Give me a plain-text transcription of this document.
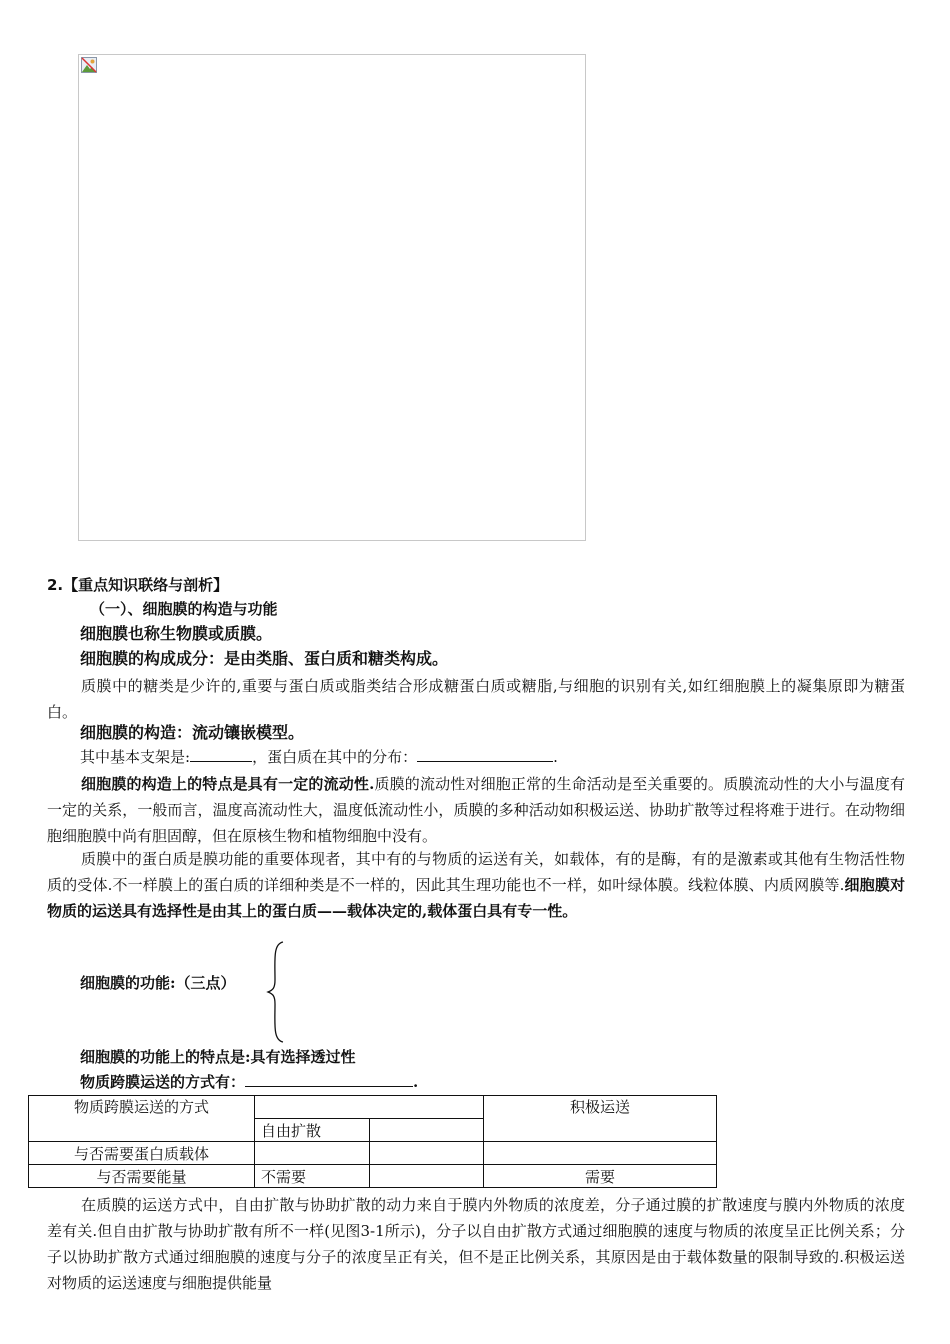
2.【重点知识联络与剖析】
（一）、细胞膜的构造与功能
细胞膜也称生物膜或质膜。
细胞膜的构成成分：是由类脂、蛋白质和糖类构成。
质膜中的糖类是少许的,重要与蛋白质或脂类结合形成糖蛋白质或糖脂,与细胞的识别有关,如红细胞膜上的凝集原即为糖蛋白。
细胞膜的构造：流动镶嵌模型。
其中基本支架是:	，蛋白质在其中的分布：	.
细胞膜的构造上的特点是具有一定的流动性.质膜的流动性对细胞正常的生命活动是至关重要的。质膜流动性的大小与温度有一定的关系，一般而言，温度高流动性大，温度低流动性小，质膜的多种活动如积极运送、协助扩散等过程将难于进行。在动物细胞细胞膜中尚有胆固醇，但在原核生物和植物细胞中没有。
质膜中的蛋白质是膜功能的重要体现者，其中有的与物质的运送有关，如载体，有的是酶，有的是激素或其他有生物活性物质的受体.不一样膜上的蛋白质的详细种类是不一样的，因此其生理功能也不一样，如叶绿体膜。线粒体膜、内质网膜等.细胞膜对物质的运送具有选择性是由其上的蛋白质——载体决定的,载体蛋白具有专一性。
细胞膜的功能:（三点）
细胞膜的功能上的特点是:具有选择透过性
物质跨膜运送的方式有：	.
物质跨膜运送的方式			积极运送
	自由扩散		
与否需要蛋白质载体			
与否需要能量	不需要		需要
在质膜的运送方式中，自由扩散与协助扩散的动力来自于膜内外物质的浓度差，分子通过膜的扩散速度与膜内外物质的浓度差有关.但自由扩散与协助扩散有所不一样(见图3-1所示)，分子以自由扩散方式通过细胞膜的速度与物质的浓度呈正比例关系；分子以协助扩散方式通过细胞膜的速度与分子的浓度呈正有关，但不是正比例关系，其原因是由于载体数量的限制导致的.积极运送对物质的运送速度与细胞提供能量
